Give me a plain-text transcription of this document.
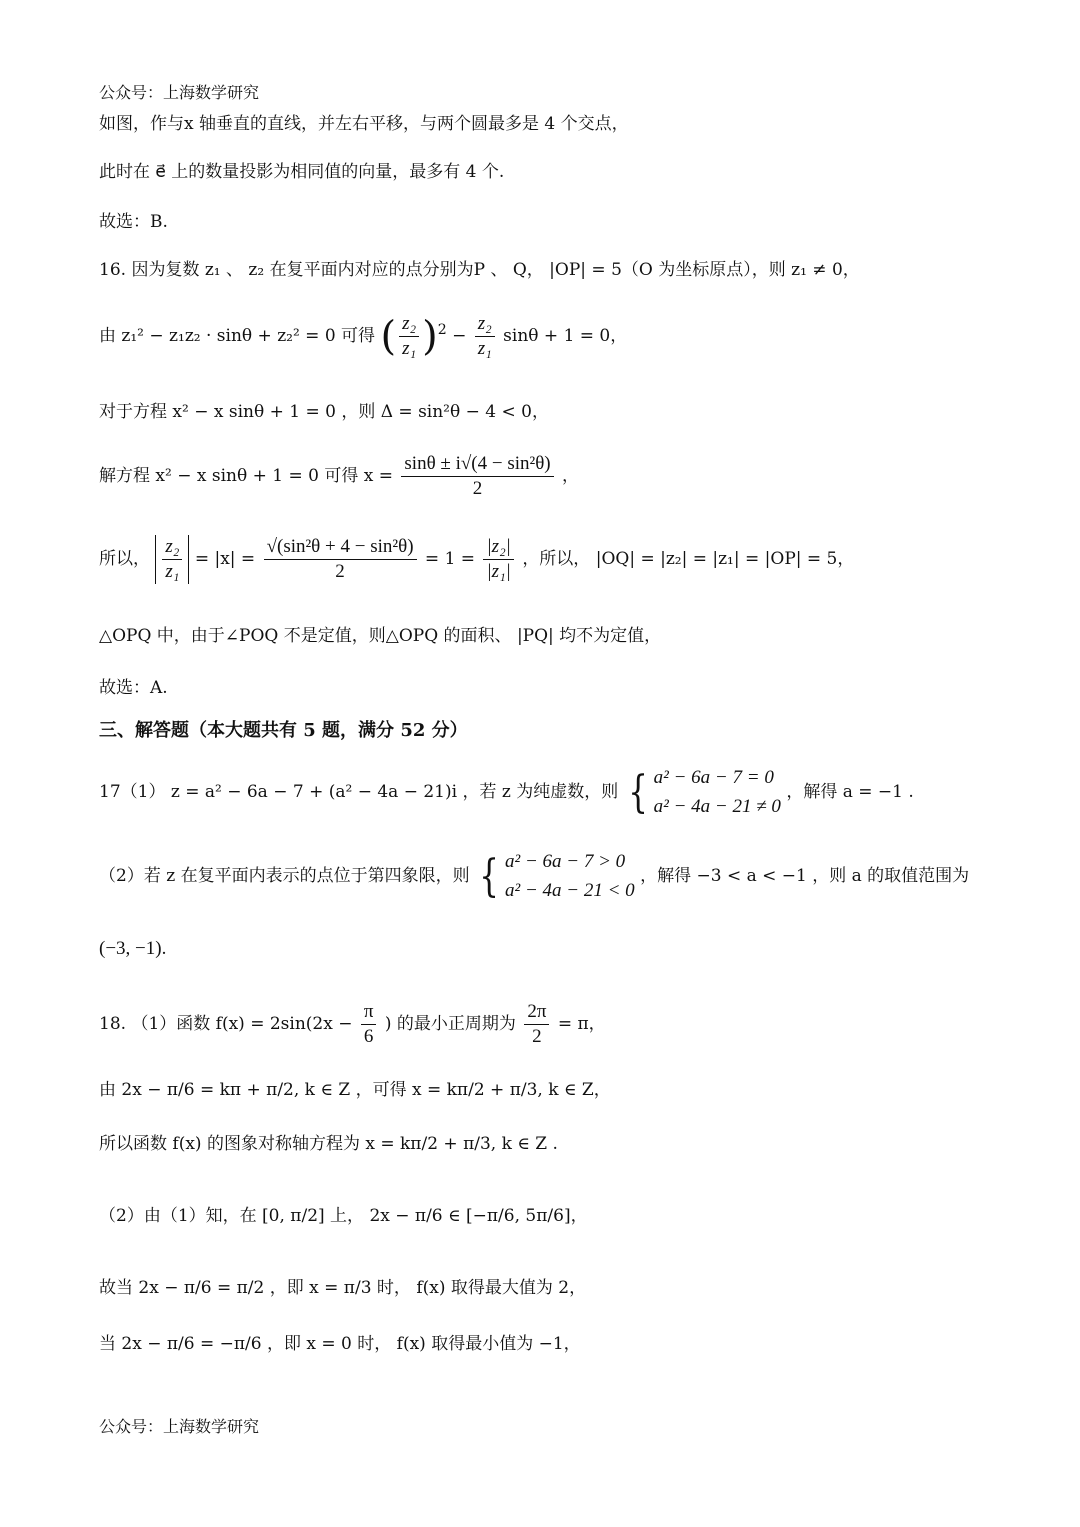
公众号：上海数学研究
如图，作与x 轴垂直的直线，并左右平移，与两个圆最多是 4 个交点，
此时在 e⃗ 上的数量投影为相同值的向量，最多有 4 个.
故选：B.
16. 因为复数 z₁ 、 z₂ 在复平面内对应的点分别为P 、 Q， |OP| = 5（O 为坐标原点），则 z₁ ≠ 0，
由 z₁² − z₁z₂ · sinθ + z₂² = 0 可得 ( $\frac{\text{z₂}}{\text{z₁}} )^2 - \frac{\text{z₂}}{\text{z₁}}$ sinθ + 1 = 0，
对于方程 x² − x sinθ + 1 = 0 ，则 Δ = sin²θ − 4 < 0，
解方程 x² − x sinθ + 1 = 0 可得 $x = \frac{\text{sinθ ± i√(4 − sin²θ)}}{2}$ ，
所以， $\frac{\text{z₂}}{\text{z₁}} = |x| = \frac{\text{√(sin²θ + 4 − sin²θ)}}{2} = 1 = \frac{\text{|z₂|}}{\text{|z₁|}}$ ，所以， |OQ| = |z₂| = |z₁| = |OP| = 5，
△OPQ 中，由于∠POQ 不是定值，则△OPQ 的面积、 |PQ| 均不为定值，
故选：A.
三、解答题（本大题共有 5 题，满分 52 分）
17（1） z = a² − 6a − 7 + (a² − 4a − 21)i ，若 z 为纯虚数，则 { a² − 6a − 7 = 0
a² − 4a − 21 ≠ 0
，解得 a = −1 .
（2）若 z 在复平面内表示的点位于第四象限，则 { a² − 6a − 7 > 0
a² − 4a − 21 < 0
，解得 −3 < a < −1 ，则 a 的取值范围为
(−3, −1).
18. （1）函数 $f(x) = 2\sin(2x - \frac{\pi}{6}$ ) 的最小正周期为 $\frac{2\pi}{2} = \pi$，
由 2x − π/6 = kπ + π/2, k ∈ Z ，可得 x = kπ/2 + π/3, k ∈ Z，
所以函数 f(x) 的图象对称轴方程为 x = kπ/2 + π/3, k ∈ Z .
（2）由（1）知，在 [0, π/2] 上， 2x − π/6 ∈ [−π/6, 5π/6]，
故当 2x − π/6 = π/2 ，即 x = π/3 时， f(x) 取得最大值为 2，
当 2x − π/6 = −π/6 ，即 x = 0 时， f(x) 取得最小值为 −1，
公众号：上海数学研究
